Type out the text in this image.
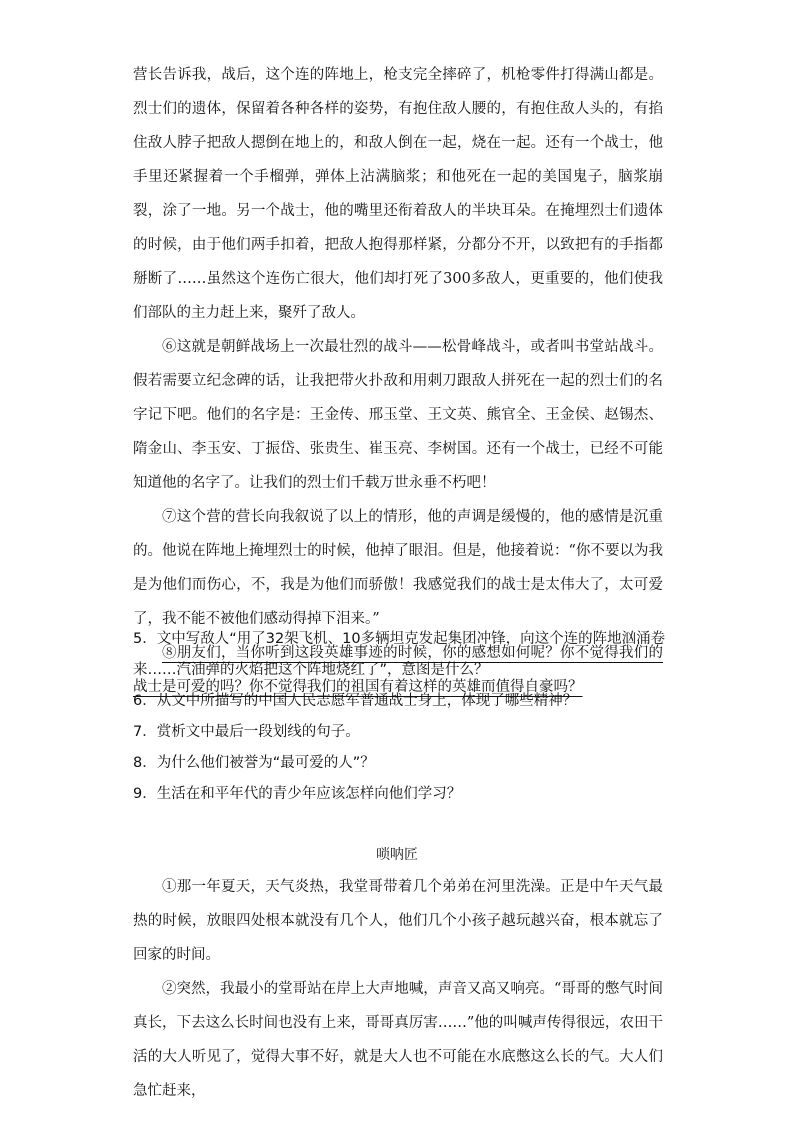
营长告诉我，战后，这个连的阵地上，枪支完全摔碎了，机枪零件打得满山都是。烈士们的遗体，保留着各种各样的姿势，有抱住敌人腰的，有抱住敌人头的，有掐住敌人脖子把敌人摁倒在地上的，和敌人倒在一起，烧在一起。还有一个战士，他手里还紧握着一个手榴弹，弹体上沾满脑浆；和他死在一起的美国鬼子，脑浆崩裂，涂了一地。另一个战士，他的嘴里还衔着敌人的半块耳朵。在掩埋烈士们遗体的时候，由于他们两手扣着，把敌人抱得那样紧，分都分不开，以致把有的手指都掰断了……虽然这个连伤亡很大，他们却打死了300多敌人，更重要的，他们使我们部队的主力赶上来，聚歼了敌人。

⑥这就是朝鲜战场上一次最壮烈的战斗——松骨峰战斗，或者叫书堂站战斗。假若需要立纪念碑的话，让我把带火扑敌和用刺刀跟敌人拼死在一起的烈士们的名字记下吧。他们的名字是：王金传、邢玉堂、王文英、熊官全、王金侯、赵锡杰、隋金山、李玉安、丁振岱、张贵生、崔玉亮、李树国。还有一个战士，已经不可能知道他的名字了。让我们的烈士们千载万世永垂不朽吧！

⑦这个营的营长向我叙说了以上的情形，他的声调是缓慢的，他的感情是沉重的。他说在阵地上掩埋烈士的时候，他掉了眼泪。但是，他接着说：“你不要以为我是为他们而伤心，不，我是为他们而骄傲！我感觉我们的战士是太伟大了，太可爱了，我不能不被他们感动得掉下泪来。”

⑧朋友们，当你听到这段英雄事迹的时候，你的感想如何呢？你不觉得我们的战士是可爱的吗？你不觉得我们的祖国有着这样的英雄而值得自豪吗？

5．文中写敌人“用了32架飞机、10多辆坦克发起集团冲锋，向这个连的阵地汹涌卷来……汽油弹的火焰把这个阵地烧红了”，意图是什么？

6．从文中所描写的中国人民志愿军普通战士身上，体现了哪些精神？

7．赏析文中最后一段划线的句子。

8．为什么他们被誉为“最可爱的人”？

9．生活在和平年代的青少年应该怎样向他们学习？

唢呐匠

①那一年夏天，天气炎热，我堂哥带着几个弟弟在河里洗澡。正是中午天气最热的时候，放眼四处根本就没有几个人，他们几个小孩子越玩越兴奋，根本就忘了回家的时间。

②突然，我最小的堂哥站在岸上大声地喊，声音又高又响亮。“哥哥的憋气时间真长，下去这么长时间也没有上来，哥哥真厉害……”他的叫喊声传得很远，农田干活的大人听见了，觉得大事不好，就是大人也不可能在水底憋这么长的气。大人们急忙赶来，
